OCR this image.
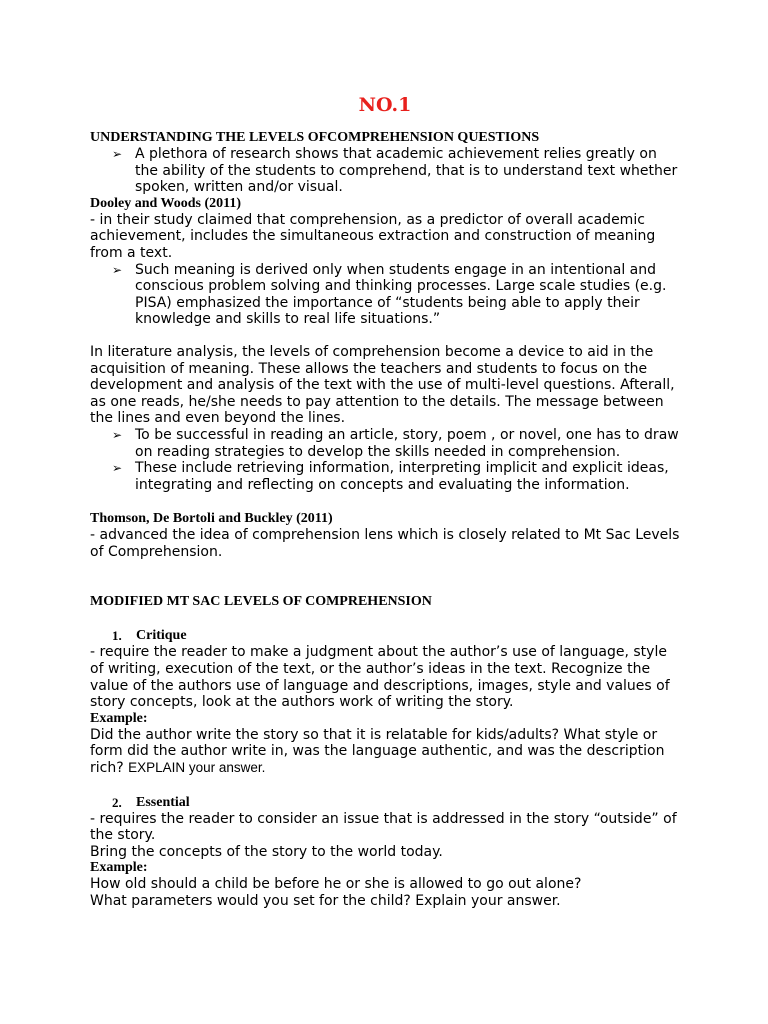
NO.1
UNDERSTANDING THE LEVELS OFCOMPREHENSION QUESTIONS
➢ A plethora of research shows that academic achievement relies greatly on the ability of the students to comprehend, that is to understand text whether spoken, written and/or visual.
Dooley and Woods (2011)
- in their study claimed that comprehension, as a predictor of overall academic achievement, includes the simultaneous extraction and construction of meaning from a text.
➢ Such meaning is derived only when students engage in an intentional and conscious problem solving and thinking processes. Large scale studies (e.g. PISA) emphasized the importance of “students being able to apply their knowledge and skills to real life situations.”
In literature analysis, the levels of comprehension become a device to aid in the acquisition of meaning. These allows the teachers and students to focus on the development and analysis of the text with the use of multi-level questions. Afterall, as one reads, he/she needs to pay attention to the details. The message between the lines and even beyond the lines.
➢ To be successful in reading an article, story, poem , or novel, one has to draw on reading strategies to develop the skills needed in comprehension.
➢ These include retrieving information, interpreting implicit and explicit ideas, integrating and reflecting on concepts and evaluating the information.
Thomson, De Bortoli and Buckley (2011)
- advanced the idea of comprehension lens which is closely related to Mt Sac Levels of Comprehension.
MODIFIED MT SAC LEVELS OF COMPREHENSION
1. Critique
- require the reader to make a judgment about the author’s use of language, style of writing, execution of the text, or the author’s ideas in the text. Recognize the value of the authors use of language and descriptions, images, style and values of story concepts, look at the authors work of writing the story.
Example:
Did the author write the story so that it is relatable for kids/adults? What style or form did the author write in, was the language authentic, and was the description rich? EXPLAIN your answer.
2. Essential
- requires the reader to consider an issue that is addressed in the story “outside” of the story.
Bring the concepts of the story to the world today.
Example:
How old should a child be before he or she is allowed to go out alone?
What parameters would you set for the child? Explain your answer.
